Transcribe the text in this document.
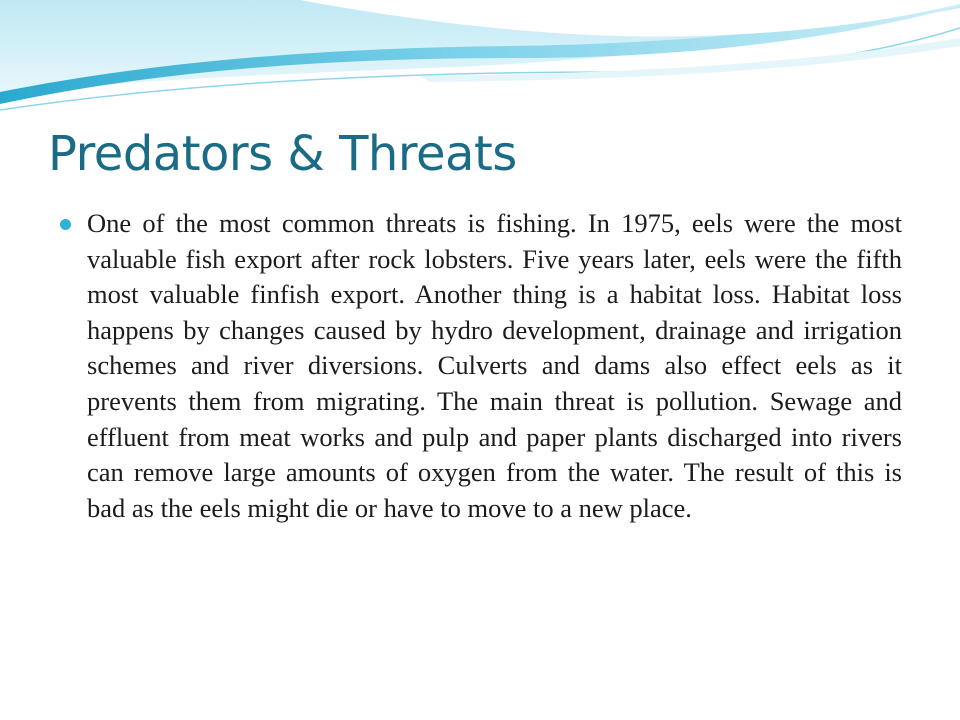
Predators & Threats
One of the most common threats is fishing. In 1975, eels were the most valuable fish export after rock lobsters. Five years later, eels were the fifth most valuable finfish export. Another thing is a habitat loss. Habitat loss happens by changes caused by hydro development, drainage and irrigation schemes and river diversions. Culverts and dams also effect eels as it prevents them from migrating. The main threat is pollution. Sewage and effluent from meat works and pulp and paper plants discharged into rivers can remove large amounts of oxygen from the water. The result of this is bad as the eels might die or have to move to a new place.
